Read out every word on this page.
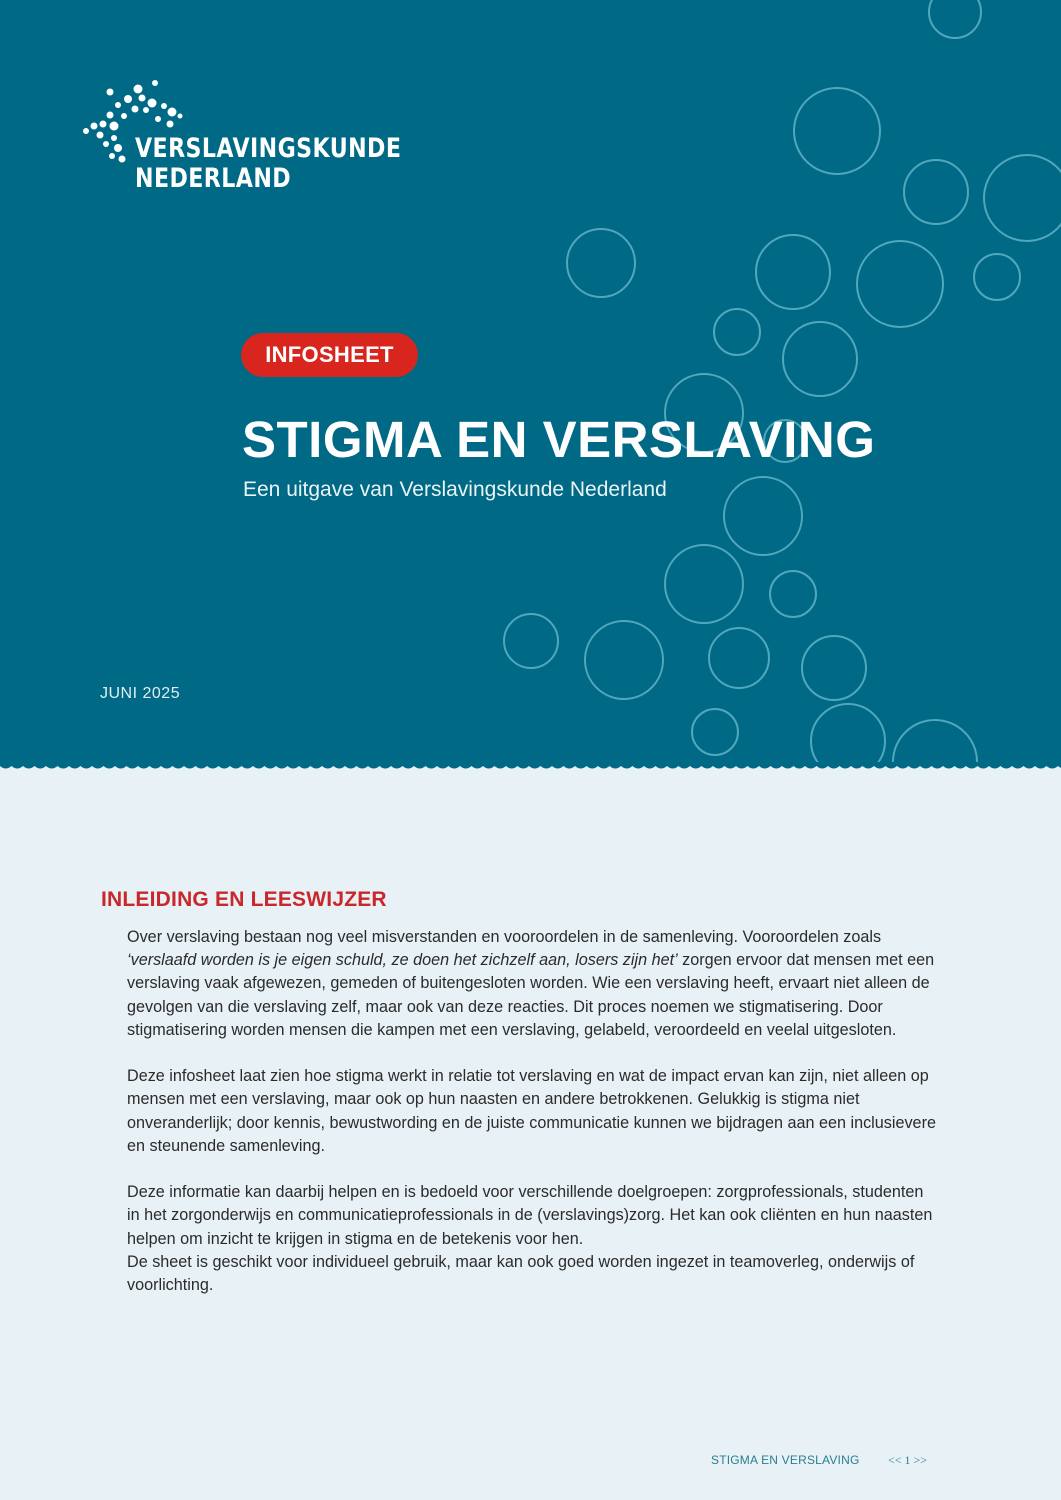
VERSLAVINGSKUNDE
NEDERLAND
INFOSHEET
STIGMA EN VERSLAVING
Een uitgave van Verslavingskunde Nederland
JUNI 2025
INLEIDING EN LEESWIJZER

Over verslaving bestaan nog veel misverstanden en vooroordelen in de samenleving. Vooroordelen zoals ‘verslaafd worden is je eigen schuld, ze doen het zichzelf aan, losers zijn het’ zorgen ervoor dat mensen met een verslaving vaak afgewezen, gemeden of buitengesloten worden. Wie een verslaving heeft, ervaart niet alleen de gevolgen van die verslaving zelf, maar ook van deze reacties. Dit proces noemen we stigmatisering. Door stigmatisering worden mensen die kampen met een verslaving, gelabeld, veroordeeld en veelal uitgesloten.

Deze infosheet laat zien hoe stigma werkt in relatie tot verslaving en wat de impact ervan kan zijn, niet alleen op mensen met een verslaving, maar ook op hun naasten en andere betrokkenen. Gelukkig is stigma niet onveranderlijk; door kennis, bewustwording en de juiste communicatie kunnen we bijdragen aan een inclusievere en steunende samenleving.

Deze informatie kan daarbij helpen en is bedoeld voor verschillende doelgroepen: zorgprofessionals, studenten in het zorgonderwijs en communicatieprofessionals in de (verslavings)zorg. Het kan ook cliënten en hun naasten helpen om inzicht te krijgen in stigma en de betekenis voor hen.
De sheet is geschikt voor individueel gebruik, maar kan ook goed worden ingezet in teamoverleg, onderwijs of voorlichting.

STIGMA EN VERSLAVING << 1 >>
